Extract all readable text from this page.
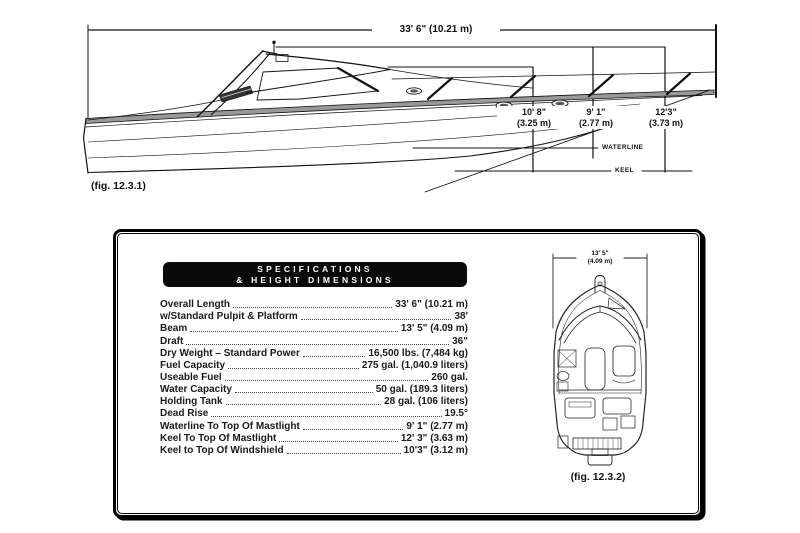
33' 6" (10.21 m)
10' 8"
(3.25 m)
9' 1"
(2.77 m)
12'3"
(3.73 m)
WATERLINE
KEEL
(fig. 12.3.1)
SPECIFICATIONS
& HEIGHT DIMENSIONS
Overall Length	33' 6" (10.21 m)
w/Standard Pulpit & Platform	38'
Beam	13' 5" (4.09 m)
Draft	36"
Dry Weight – Standard Power	16,500 lbs. (7,484 kg)
Fuel Capacity	275 gal. (1,040.9 liters)
Useable Fuel	260 gal.
Water Capacity	50 gal. (189.3 liters)
Holding Tank	28 gal. (106 liters)
Dead Rise	19.5°
Waterline To Top Of Mastlight	9' 1" (2.77 m)
Keel To Top Of Mastlight	12' 3" (3.63 m)
Keel to Top Of Windshield	10'3" (3.12 m)
13' 5"
(4.09 m)
(fig. 12.3.2)
